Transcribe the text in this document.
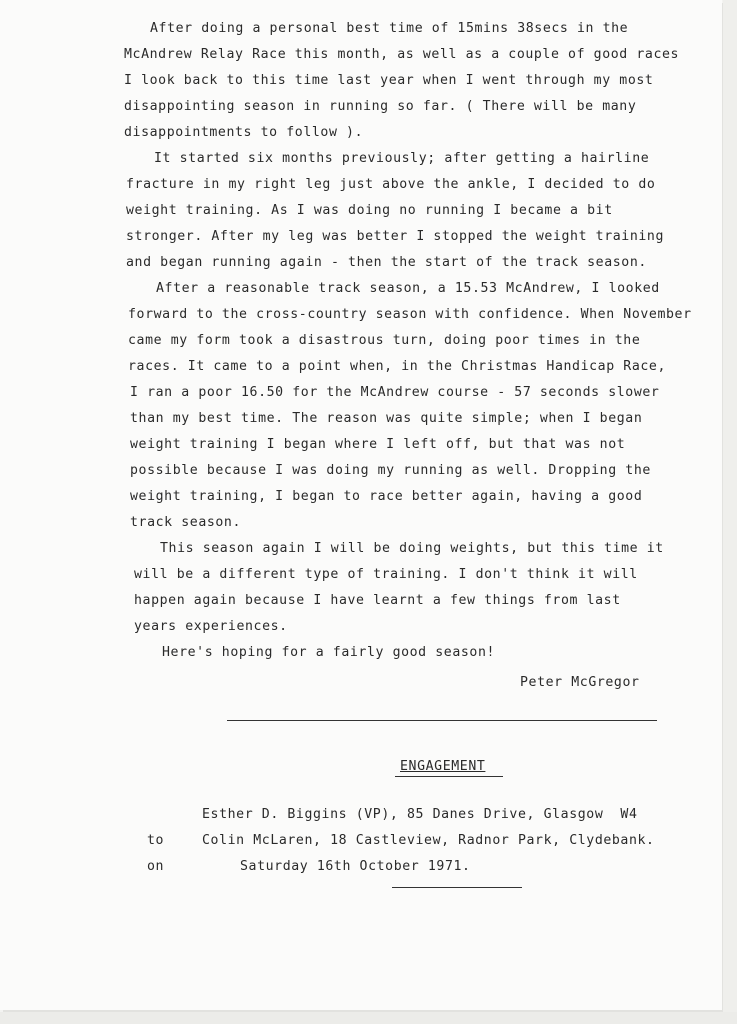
After doing a personal best time of 15mins 38secs in the
McAndrew Relay Race this month, as well as a couple of good races
I look back to this time last year when I went through my most
disappointing season in running so far. ( There will be many
disappointments to follow ).
It started six months previously; after getting a hairline
fracture in my right leg just above the ankle, I decided to do
weight training. As I was doing no running I became a bit
stronger. After my leg was better I stopped the weight training
and began running again - then the start of the track season.
After a reasonable track season, a 15.53 McAndrew, I looked
forward to the cross-country season with confidence. When November
came my form took a disastrous turn, doing poor times in the
races. It came to a point when, in the Christmas Handicap Race,
I ran a poor 16.50 for the McAndrew course - 57 seconds slower
than my best time. The reason was quite simple; when I began
weight training I began where I left off, but that was not
possible because I was doing my running as well. Dropping the
weight training, I began to race better again, having a good
track season.
This season again I will be doing weights, but this time it
will be a different type of training. I don't think it will
happen again because I have learnt a few things from last
years experiences.
Here's hoping for a fairly good season!
Peter McGregor
ENGAGEMENT
Esther D. Biggins (VP), 85 Danes Drive, Glasgow  W4
to	Colin McLaren, 18 Castleview, Radnor Park, Clydebank.
on	Saturday 16th October 1971.
